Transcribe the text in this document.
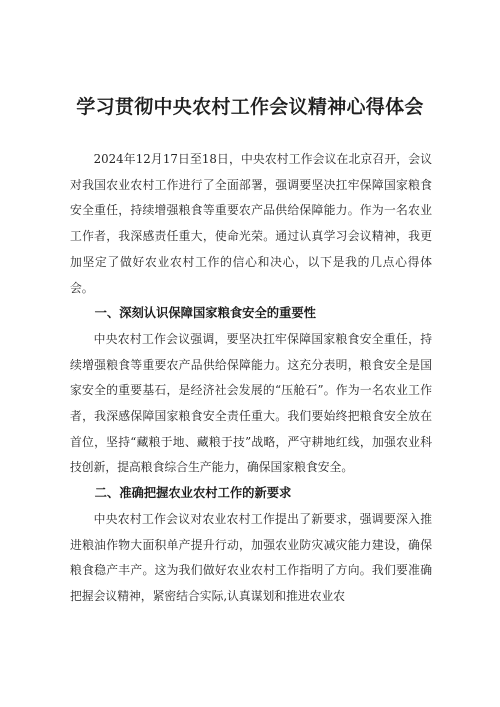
学习贯彻中央农村工作会议精神心得体会

2024年12月17日至18日，中央农村工作会议在北京召开，会议对我国农业农村工作进行了全面部署，强调要坚决扛牢保障国家粮食安全重任，持续增强粮食等重要农产品供给保障能力。作为一名农业工作者，我深感责任重大，使命光荣。通过认真学习会议精神，我更加坚定了做好农业农村工作的信心和决心，以下是我的几点心得体会。

一、深刻认识保障国家粮食安全的重要性

中央农村工作会议强调，要坚决扛牢保障国家粮食安全重任，持续增强粮食等重要农产品供给保障能力。这充分表明，粮食安全是国家安全的重要基石，是经济社会发展的“压舱石”。作为一名农业工作者，我深感保障国家粮食安全责任重大。我们要始终把粮食安全放在首位，坚持“藏粮于地、藏粮于技”战略，严守耕地红线，加强农业科技创新，提高粮食综合生产能力，确保国家粮食安全。

二、准确把握农业农村工作的新要求

中央农村工作会议对农业农村工作提出了新要求，强调要深入推进粮油作物大面积单产提升行动，加强农业防灾减灾能力建设，确保粮食稳产丰产。这为我们做好农业农村工作指明了方向。我们要准确把握会议精神，紧密结合实际,认真谋划和推进农业农
